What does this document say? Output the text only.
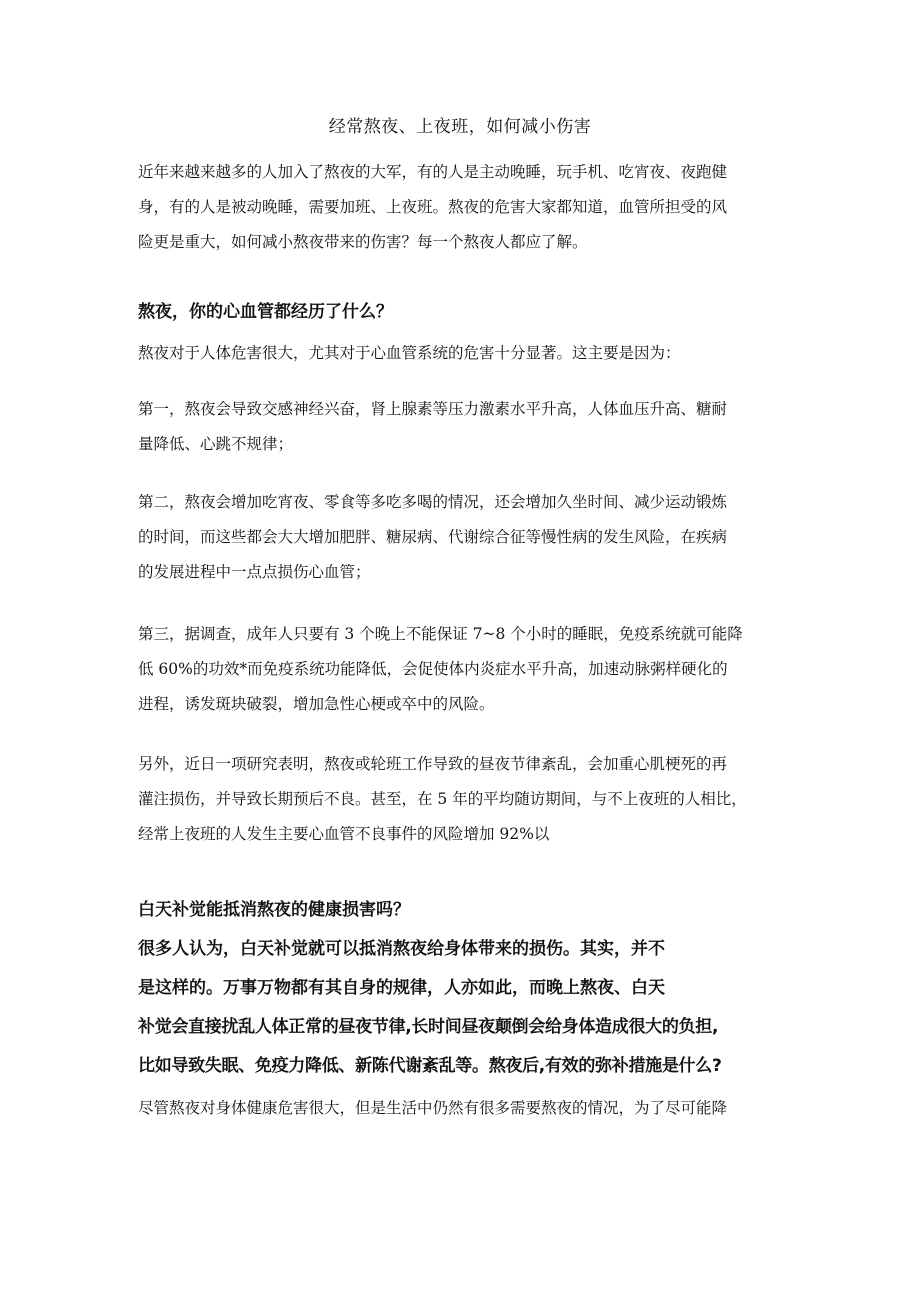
经常熬夜、上夜班，如何减小伤害

近年来越来越多的人加入了熬夜的大军，有的人是主动晚睡，玩手机、吃宵夜、夜跑健
身，有的人是被动晚睡，需要加班、上夜班。熬夜的危害大家都知道，血管所担受的风
险更是重大，如何减小熬夜带来的伤害？每一个熬夜人都应了解。

熬夜，你的心血管都经历了什么？

熬夜对于人体危害很大，尤其对于心血管系统的危害十分显著。这主要是因为：

第一，熬夜会导致交感神经兴奋，肾上腺素等压力激素水平升高，人体血压升高、糖耐
量降低、心跳不规律；

第二，熬夜会增加吃宵夜、零食等多吃多喝的情况，还会增加久坐时间、减少运动锻炼
的时间，而这些都会大大增加肥胖、糖尿病、代谢综合征等慢性病的发生风险，在疾病
的发展进程中一点点损伤心血管；

第三，据调查，成年人只要有 3 个晚上不能保证 7~8 个小时的睡眠，免疫系统就可能降
低 60%的功效*而免疫系统功能降低，会促使体内炎症水平升高，加速动脉粥样硬化的
进程，诱发斑块破裂，增加急性心梗或卒中的风险。

另外，近日一项研究表明，熬夜或轮班工作导致的昼夜节律紊乱，会加重心肌梗死的再
灌注损伤，并导致长期预后不良。甚至，在 5 年的平均随访期间，与不上夜班的人相比，
经常上夜班的人发生主要心血管不良事件的风险增加 92%以

白天补觉能抵消熬夜的健康损害吗？

很多人认为，白天补觉就可以抵消熬夜给身体带来的损伤。其实，并不
是这样的。万事万物都有其自身的规律，人亦如此，而晚上熬夜、白天
补觉会直接扰乱人体正常的昼夜节律,长时间昼夜颠倒会给身体造成很大的负担,
比如导致失眠、免疫力降低、新陈代谢紊乱等。熬夜后,有效的弥补措施是什么?

尽管熬夜对身体健康危害很大，但是生活中仍然有很多需要熬夜的情况，为了尽可能降
